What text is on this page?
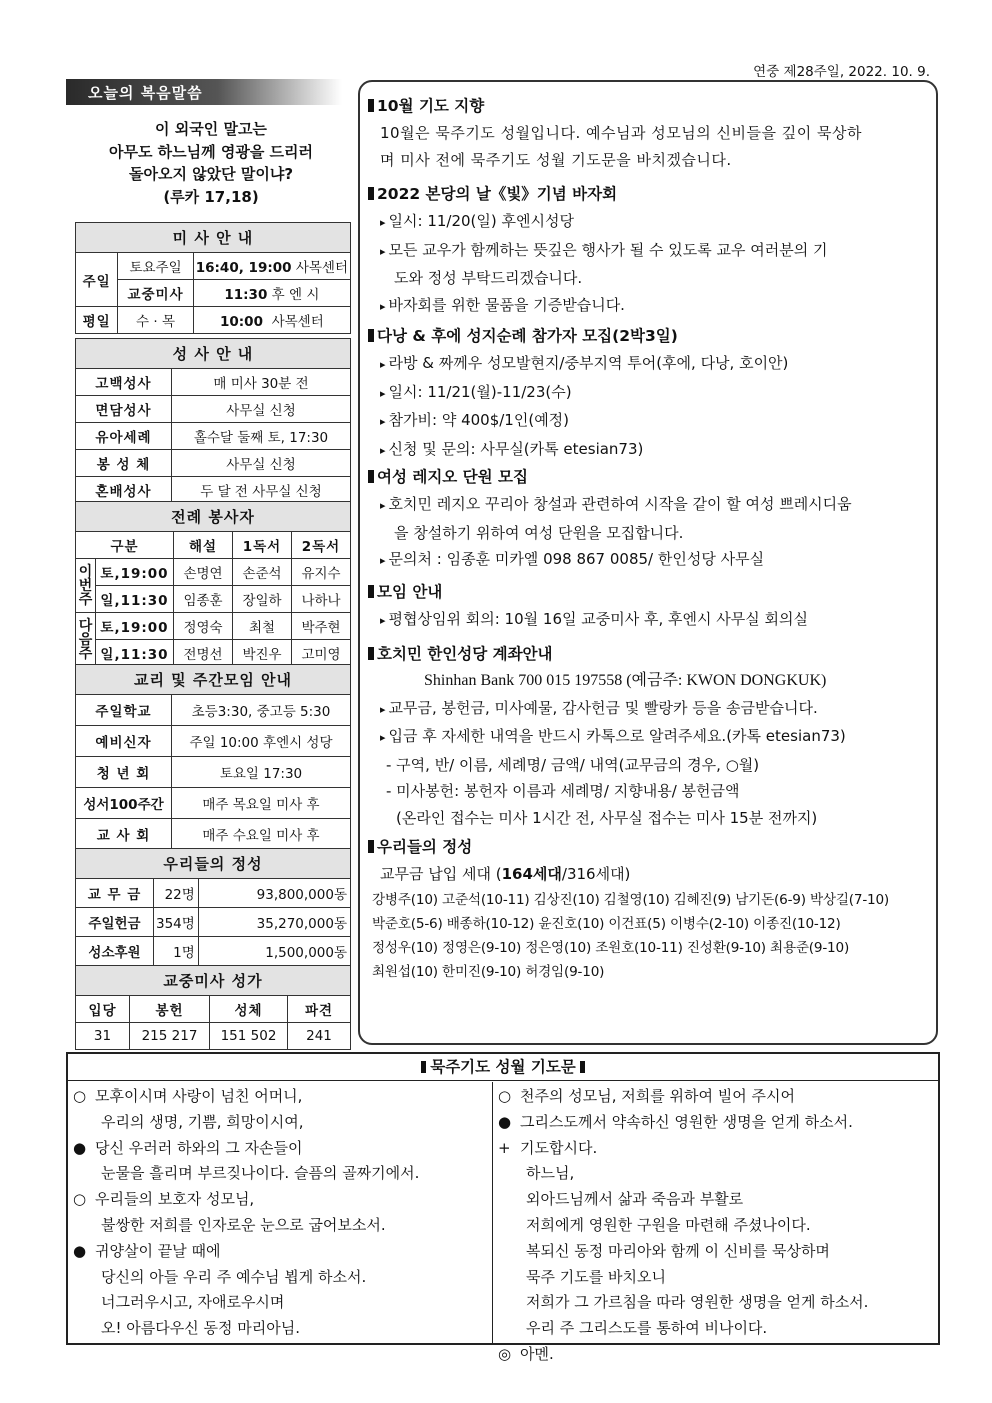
연중 제28주일, 2022. 10. 9.
오늘의 복음말씀
이 외국인 말고는
아무도 하느님께 영광을 드리러
돌아오지 않았단 말이냐?
(루카 17,18)
미 사 안 내		
주일	토요주일	16:40, 19:00 사목센터
	교중미사	11:30 후 엔 시
평일	수 · 목	10:00 사목센터
성 사 안 내	
고백성사	매 미사 30분 전
면담성사	사무실 신청
유아세례	홀수달 둘째 토, 17:30
봉 성 체	사무실 신청
혼배성사	두 달 전 사무실 신청
전례 봉사자				
구분		해설	1독서	2독서
이번주	토,19:00	손명연	손준석	유지수
	일,11:30	임종훈	장일하	나하나
다음주	토,19:00	정영숙	최철	박주현
	일,11:30	전명선	박진우	고미영
교리 및 주간모임 안내	
주일학교	초등3:30, 중고등 5:30
예비신자	주일 10:00 후엔시 성당
청 년 회	토요일 17:30
성서100주간	매주 목요일 미사 후
교 사 회	매주 수요일 미사 후
우리들의 정성		
교 무 금	22명	93,800,000동
주일헌금	354명	35,270,000동
성소후원	1명	1,500,000동
교중미사 성가			
입당	봉헌	성체	파견
31	215 217	151 502	241
10월 기도 지향
10월은 묵주기도 성월입니다. 예수님과 성모님의 신비들을 깊이 묵상하
며 미사 전에 묵주기도 성월 기도문을 바치겠습니다.
2022 본당의 날《빛》기념 바자회
▸ 일시: 11/20(일) 후엔시성당
▸ 모든 교우가 함께하는 뜻깊은 행사가 될 수 있도록 교우 여러분의 기
도와 정성 부탁드리겠습니다.
▸ 바자회를 위한 물품을 기증받습니다.
다낭 & 후에 성지순례 참가자 모집(2박3일)
▸ 라방 & 짜께우 성모발현지/중부지역 투어(후에, 다낭, 호이안)
▸ 일시: 11/21(월)-11/23(수)
▸ 참가비: 약 400$/1인(예정)
▸ 신청 및 문의: 사무실(카톡 etesian73)
여성 레지오 단원 모집
▸ 호치민 레지오 꾸리아 창설과 관련하여 시작을 같이 할 여성 쁘레시디움
을 창설하기 위하여 여성 단원을 모집합니다.
▸ 문의처 : 임종훈 미카엘 098 867 0085/ 한인성당 사무실
모임 안내
▸ 평협상임위 회의: 10월 16일 교중미사 후, 후엔시 사무실 회의실
호치민 한인성당 계좌안내
Shinhan Bank 700 015 197558 (예금주: KWON DONGKUK)
▸ 교무금, 봉헌금, 미사예물, 감사헌금 및 빨랑카 등을 송금받습니다.
▸ 입금 후 자세한 내역을 반드시 카톡으로 알려주세요.(카톡 etesian73)
- 구역, 반/ 이름, 세례명/ 금액/ 내역(교무금의 경우, ○월)
- 미사봉헌: 봉헌자 이름과 세례명/ 지향내용/ 봉헌금액
(온라인 접수는 미사 1시간 전, 사무실 접수는 미사 15분 전까지)
우리들의 정성
교무금 납입 세대 (164세대/316세대)
강병주(10) 고준석(10-11) 김상진(10) 김철영(10) 김혜진(9) 남기돈(6-9) 박상길(7-10)
박준호(5-6) 배종하(10-12) 윤진호(10) 이건표(5) 이병수(2-10) 이종진(10-12)
정성우(10) 정영은(9-10) 정은영(10) 조원호(10-11) 진성환(9-10) 최용준(9-10)
최원섭(10) 한미진(9-10) 허경임(9-10)
묵주기도 성월 기도문
○ 모후이시며 사랑이 넘친 어머니,
우리의 생명, 기쁨, 희망이시여,
● 당신 우러러 하와의 그 자손들이
눈물을 흘리며 부르짖나이다. 슬픔의 골짜기에서.
○ 우리들의 보호자 성모님,
불쌍한 저희를 인자로운 눈으로 굽어보소서.
● 귀양살이 끝날 때에
당신의 아들 우리 주 예수님 뵙게 하소서.
너그러우시고, 자애로우시며
오! 아름다우신 동정 마리아님.
○ 천주의 성모님, 저희를 위하여 빌어 주시어
● 그리스도께서 약속하신 영원한 생명을 얻게 하소서.
+ 기도합시다.
하느님,
외아드님께서 삶과 죽음과 부활로
저희에게 영원한 구원을 마련해 주셨나이다.
복되신 동정 마리아와 함께 이 신비를 묵상하며
묵주 기도를 바치오니
저희가 그 가르침을 따라 영원한 생명을 얻게 하소서.
우리 주 그리스도를 통하여 비나이다.
◎ 아멘.
